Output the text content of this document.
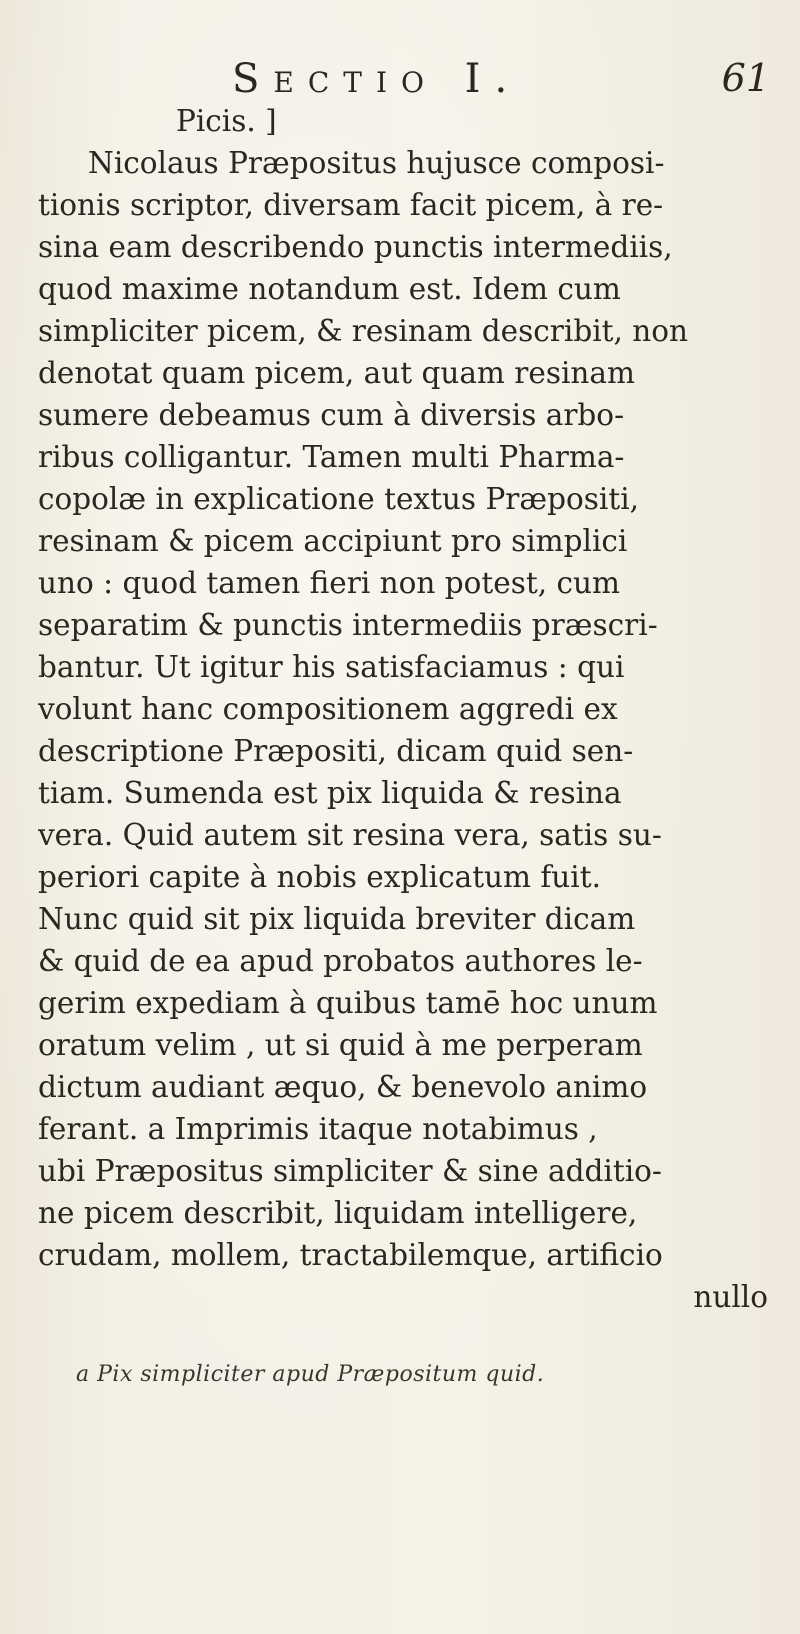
Sectio I.	61
Picis. ]
Nicolaus Præpositus hujusce composi-
tionis scriptor, diversam facit picem, à re-
sina eam describendo punctis intermediis,
quod maxime notandum est. Idem cum
simpliciter picem, & resinam describit, non
denotat quam picem, aut quam resinam
sumere debeamus cum à diversis arbo-
ribus colligantur. Tamen multi Pharma-
copolæ in explicatione textus Præpositi,
resinam & picem accipiunt pro simplici
uno : quod tamen fieri non potest, cum
separatim & punctis intermediis præscri-
bantur. Ut igitur his satisfaciamus : qui
volunt hanc compositionem aggredi ex
descriptione Præpositi, dicam quid sen-
tiam. Sumenda est pix liquida & resina
vera. Quid autem sit resina vera, satis su-
periori capite à nobis explicatum fuit.
Nunc quid sit pix liquida breviter dicam
& quid de ea apud probatos authores le-
gerim expediam à quibus tamē hoc unum
oratum velim , ut si quid à me perperam
dictum audiant æquo, & benevolo animo
ferant. a Imprimis itaque notabimus ,
ubi Præpositus simpliciter & sine additio-
ne picem describit, liquidam intelligere,
crudam, mollem, tractabilemque, artificio
nullo
a Pix simpliciter apud Præpositum quid.
